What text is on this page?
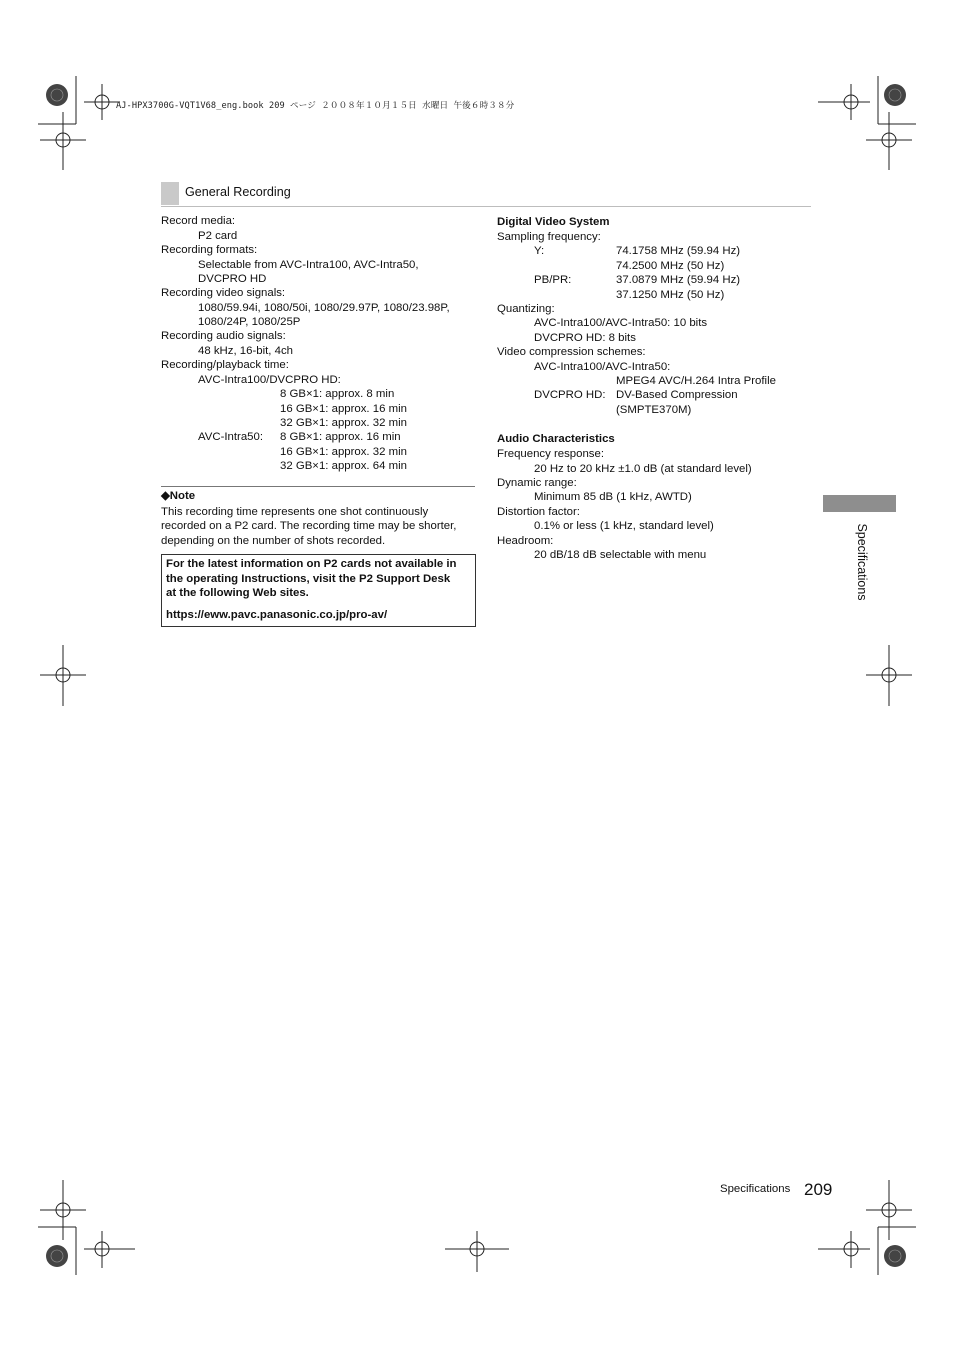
AJ-HPX3700G-VQT1V68_eng.book 209 ページ ２００８年１０月１５日 水曜日 午後６時３８分
General Recording
Record media:
P2 card
Recording formats:
Selectable from AVC-Intra100, AVC-Intra50,
DVCPRO HD
Recording video signals:
1080/59.94i, 1080/50i, 1080/29.97P, 1080/23.98P,
1080/24P, 1080/25P
Recording audio signals:
48 kHz, 16-bit, 4ch
Recording/playback time:
AVC-Intra100/DVCPRO HD:
8 GB×1: approx. 8 min
16 GB×1: approx. 16 min
32 GB×1: approx. 32 min
AVC-Intra50: 8 GB×1: approx. 16 min
16 GB×1: approx. 32 min
32 GB×1: approx. 64 min
◆Note
This recording time represents one shot continuously
recorded on a P2 card. The recording time may be shorter,
depending on the number of shots recorded.
For the latest information on P2 cards not available in
the operating Instructions, visit the P2 Support Desk
at the following Web sites.
https://eww.pavc.panasonic.co.jp/pro-av/
Digital Video System
Sampling frequency:
Y:	74.1758 MHz (59.94 Hz)
74.2500 MHz (50 Hz)
PB/PR:	37.0879 MHz (59.94 Hz)
37.1250 MHz (50 Hz)
Quantizing:
AVC-Intra100/AVC-Intra50: 10 bits
DVCPRO HD: 8 bits
Video compression schemes:
AVC-Intra100/AVC-Intra50:
MPEG4 AVC/H.264 Intra Profile
DVCPRO HD: DV-Based Compression
(SMPTE370M)
Audio Characteristics
Frequency response:
20 Hz to 20 kHz ±1.0 dB (at standard level)
Dynamic range:
Minimum 85 dB (1 kHz, AWTD)
Distortion factor:
0.1% or less (1 kHz, standard level)
Headroom:
20 dB/18 dB selectable with menu	Specifications
Specifications 209
